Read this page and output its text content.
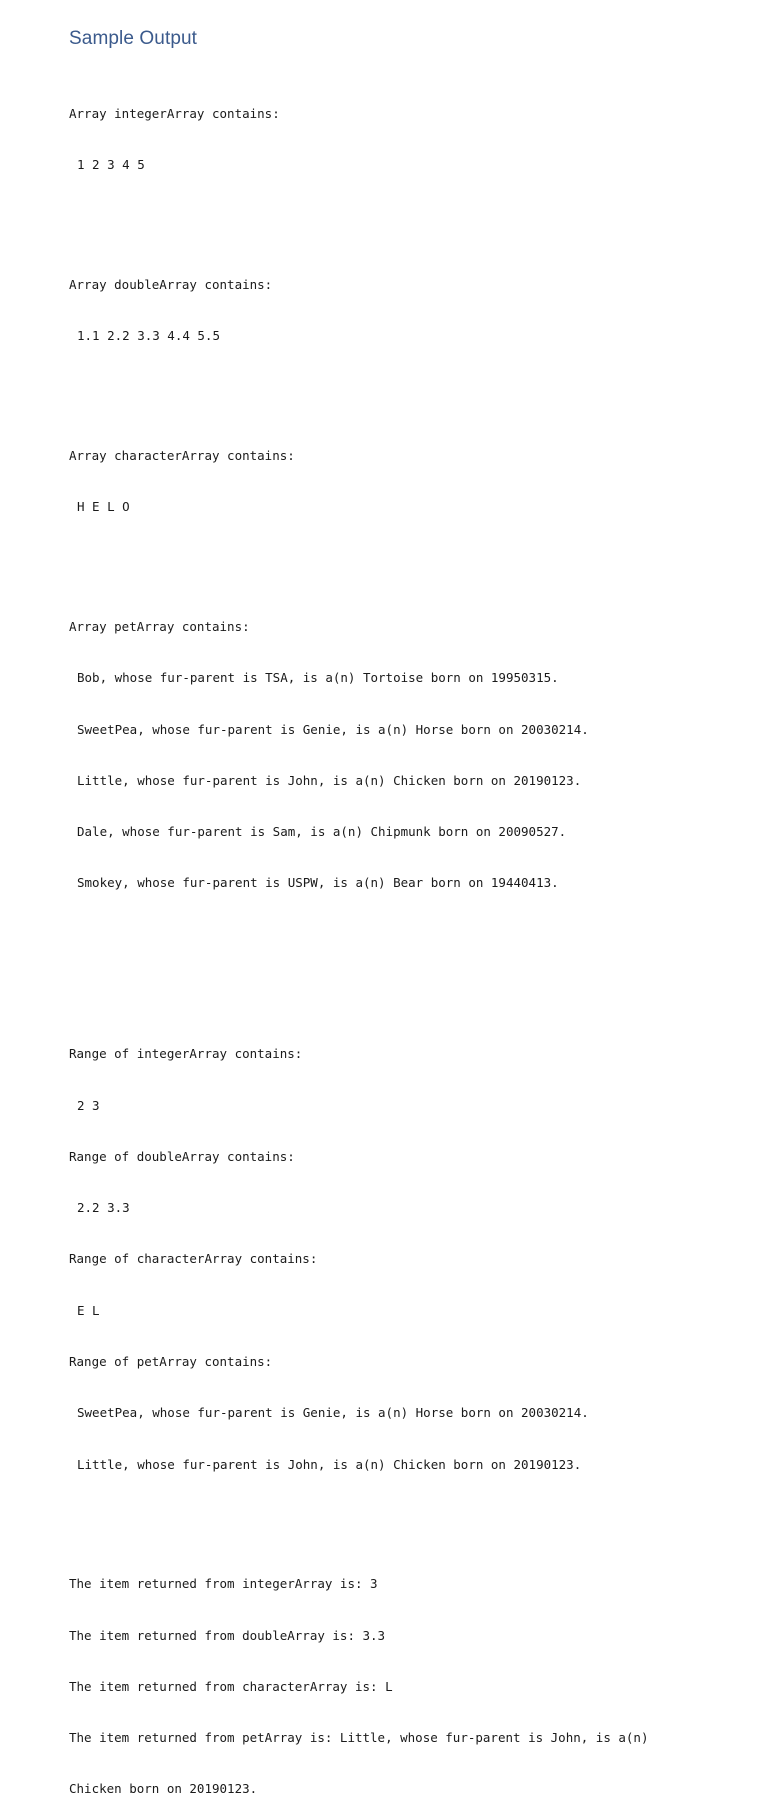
Sample Output

Array integerArray contains:

1 2 3 4 5

Array doubleArray contains:

1.1 2.2 3.3 4.4 5.5

Array characterArray contains:

H E L O

Array petArray contains:

Bob, whose fur-parent is TSA, is a(n) Tortoise born on 19950315.

SweetPea, whose fur-parent is Genie, is a(n) Horse born on 20030214.

Little, whose fur-parent is John, is a(n) Chicken born on 20190123.

Dale, whose fur-parent is Sam, is a(n) Chipmunk born on 20090527.

Smokey, whose fur-parent is USPW, is a(n) Bear born on 19440413.

Range of integerArray contains:

2 3

Range of doubleArray contains:

2.2 3.3

Range of characterArray contains:

E L

Range of petArray contains:

SweetPea, whose fur-parent is Genie, is a(n) Horse born on 20030214.

Little, whose fur-parent is John, is a(n) Chicken born on 20190123.

The item returned from integerArray is: 3

The item returned from doubleArray is: 3.3

The item returned from characterArray is: L

The item returned from petArray is: Little, whose fur-parent is John, is a(n)

Chicken born on 20190123.
